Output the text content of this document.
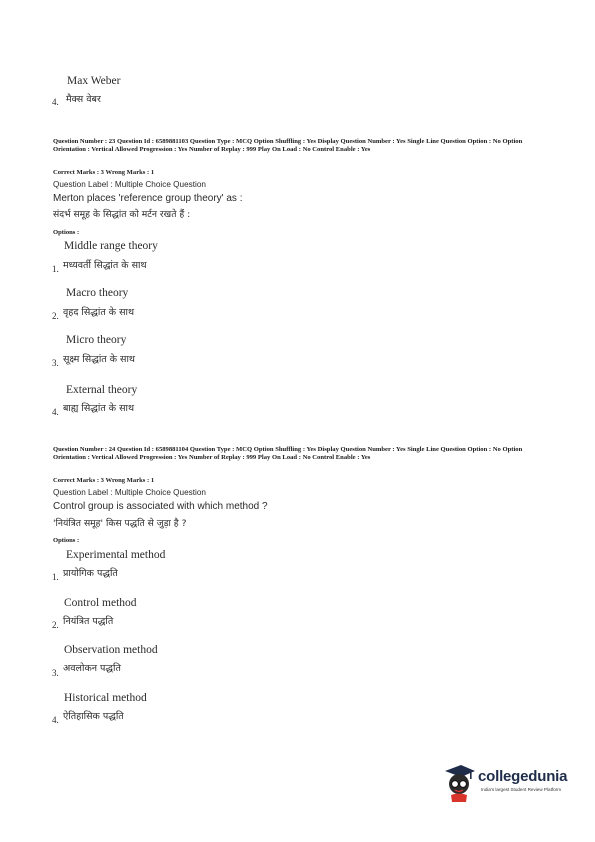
Max Weber
मैक्स वेबर
4.
Question Number : 23 Question Id : 6589881103 Question Type : MCQ Option Shuffling : Yes Display Question Number : Yes Single Line Question Option : No Option Orientation : Vertical Allowed Progression : Yes Number of Replay : 999 Play On Load : No Control Enable : Yes
Correct Marks : 3 Wrong Marks : 1
Question Label : Multiple Choice Question
Merton places 'reference group theory' as :
संदर्भ समूह के सिद्धांत को मर्टन रखते हैं :
Options :
Middle range theory
मध्यवर्ती सिद्धांत के साथ
1.
Macro theory
वृहद सिद्धांत के साथ
2.
Micro theory
सूक्ष्म सिद्धांत के साथ
3.
External theory
बाह्य सिद्धांत के साथ
4.
Question Number : 24 Question Id : 6589881104 Question Type : MCQ Option Shuffling : Yes Display Question Number : Yes Single Line Question Option : No Option Orientation : Vertical Allowed Progression : Yes Number of Replay : 999 Play On Load : No Control Enable : Yes
Correct Marks : 3 Wrong Marks : 1
Question Label : Multiple Choice Question
Control group is associated with which method ?
'नियंत्रित समूह' किस पद्धति से जुड़ा है ?
Options :
Experimental method
प्रायोगिक पद्धति
1.
Control method
नियंत्रित पद्धति
2.
Observation method
अवलोकन पद्धति
3.
Historical method
ऐतिहासिक पद्धति
4.
collegedunia
India's largest Student Review Platform
